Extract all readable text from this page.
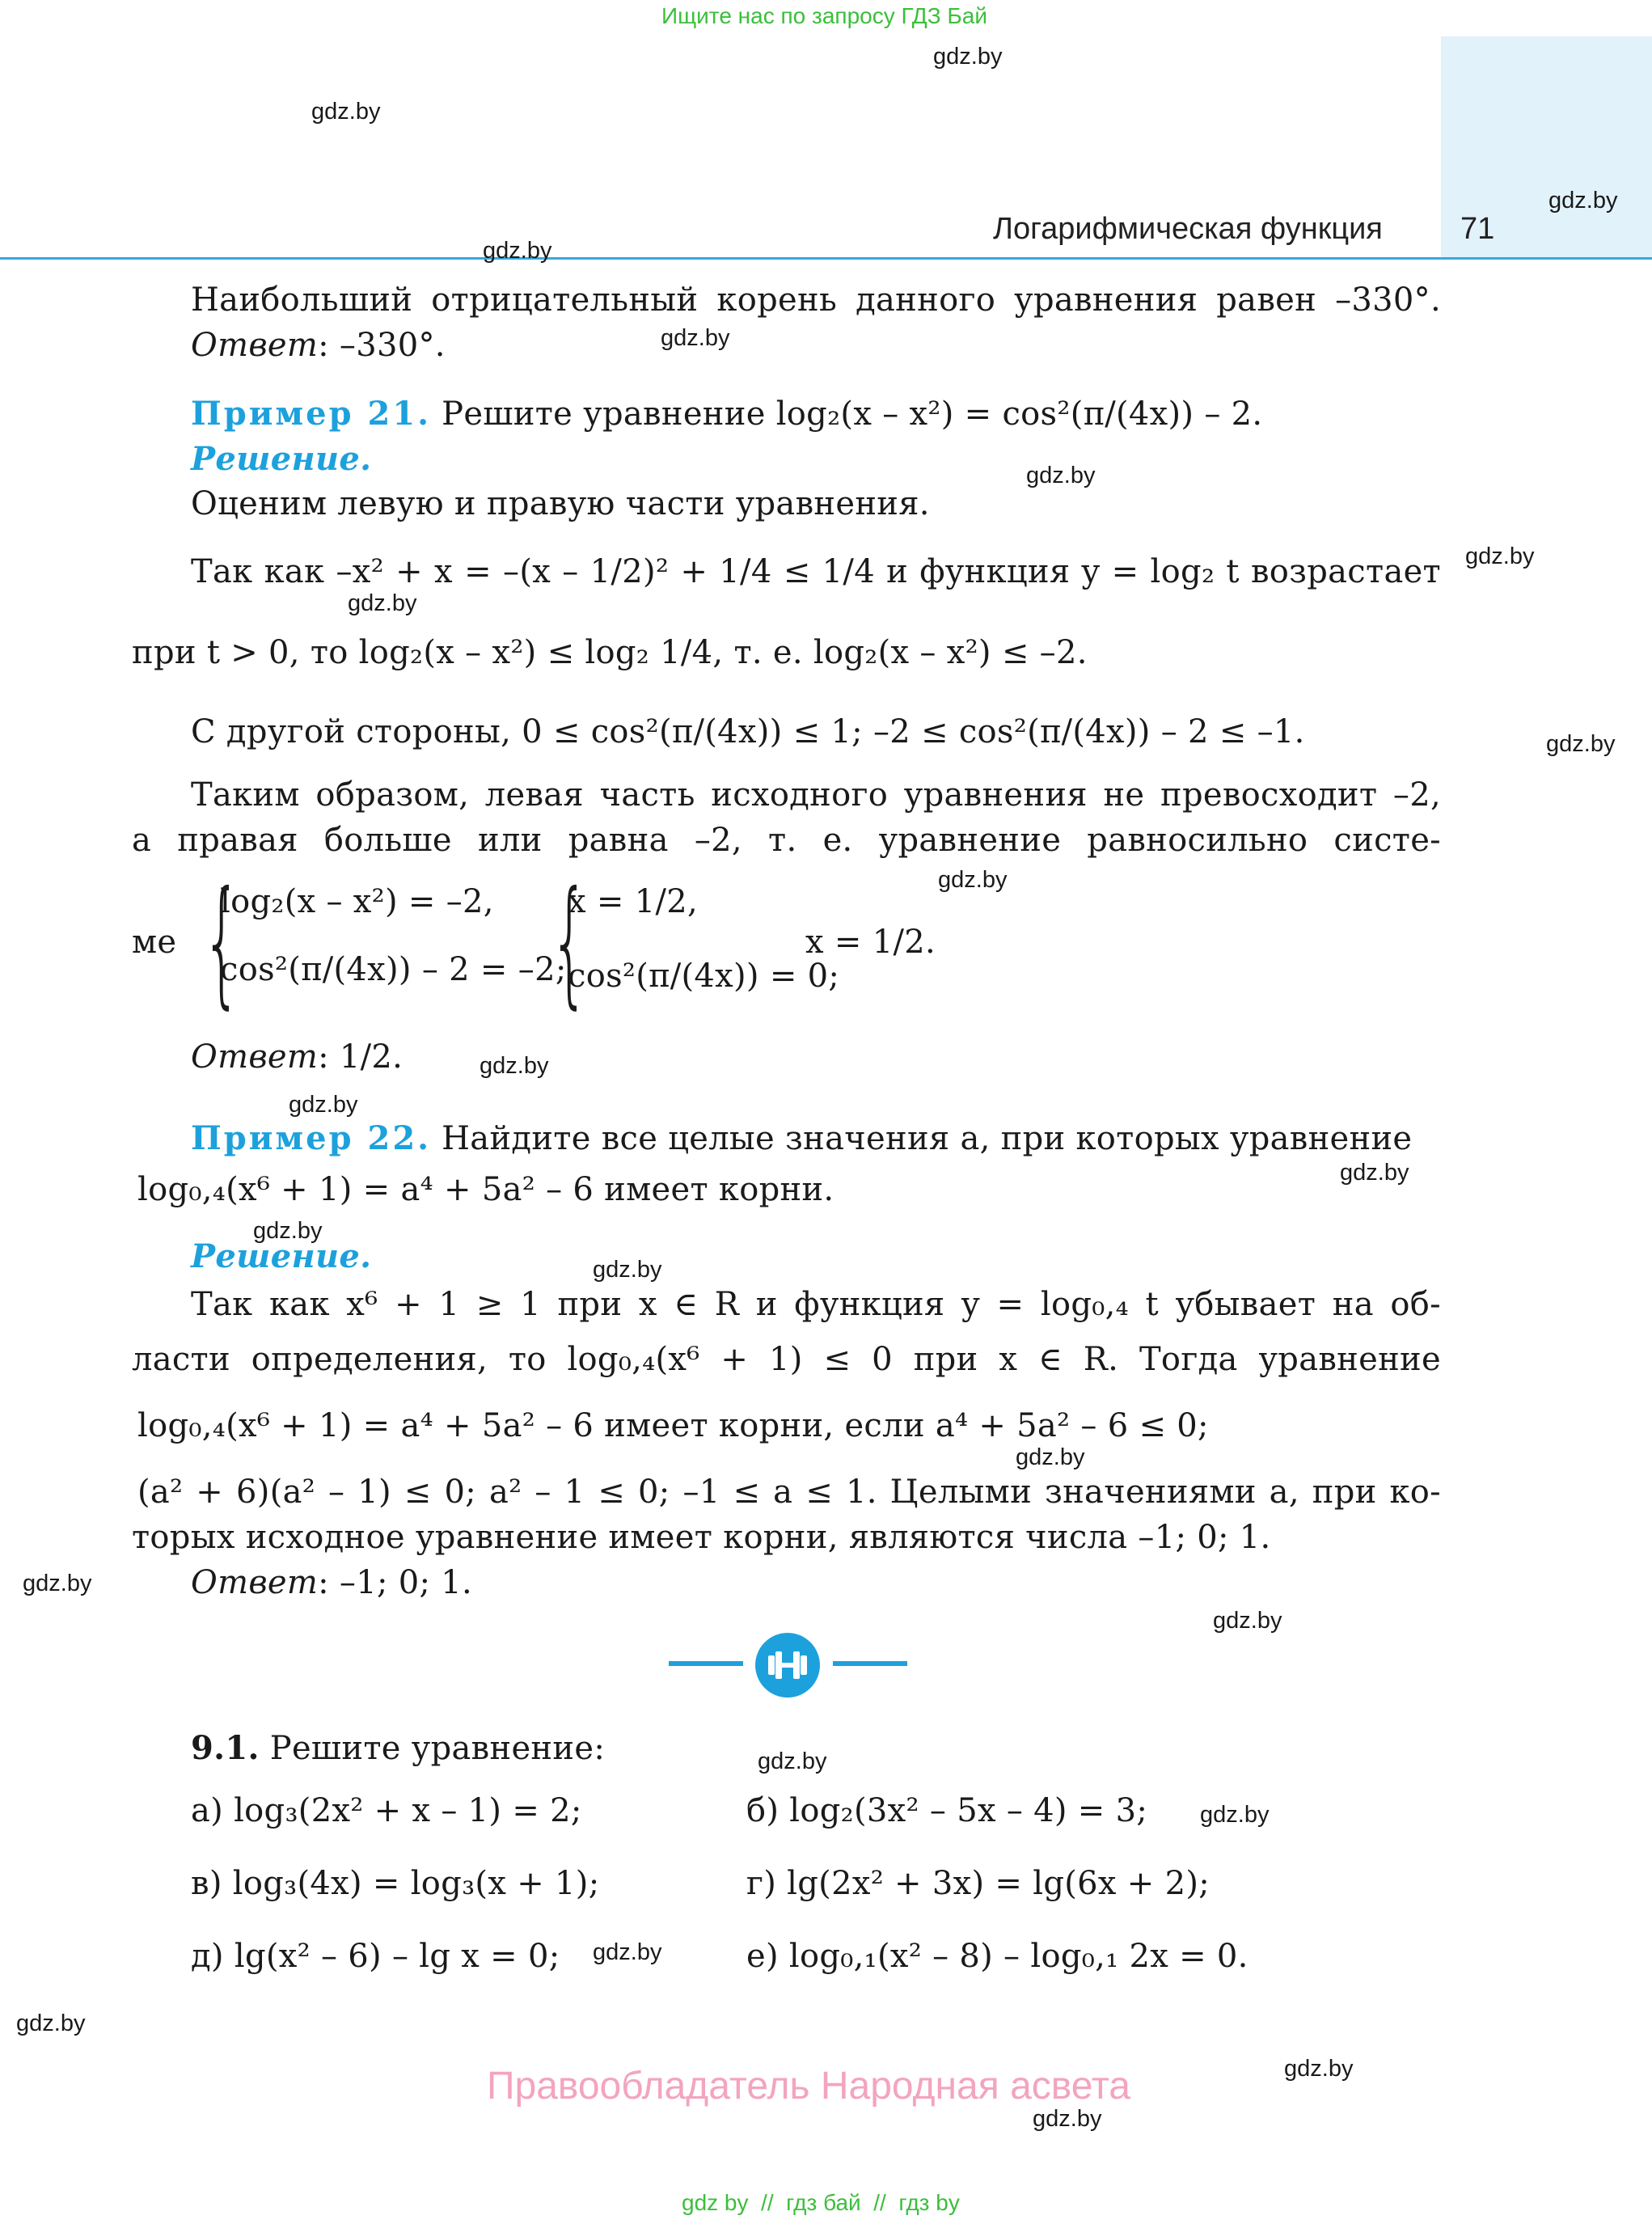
Ищите нас по запросу ГДЗ Бай
Логарифмическая функция	71
gdz.by
gdz.by
gdz.by
gdz.by
gdz.by
gdz.by
gdz.by
gdz.by
gdz.by
gdz.by
gdz.by
gdz.by
gdz.by
gdz.by
gdz.by
gdz.by
gdz.by
gdz.by
gdz.by
gdz.by
gdz.by
gdz.by
gdz.by
gdz.by
Наибольший отрицательный корень данного уравнения равен –330°.
Ответ: –330°.
Пример 21. Решите уравнение log₂(x – x²) = cos²(π/(4x)) – 2.
Решение.
Оценим левую и правую части уравнения.
Так как –x² + x = –(x – 1/2)² + 1/4 ≤ 1/4 и функция y = log₂ t возрастает
при t > 0, то log₂(x – x²) ≤ log₂ 1/4, т. е. log₂(x – x²) ≤ –2.
С другой стороны, 0 ≤ cos²(π/(4x)) ≤ 1; –2 ≤ cos²(π/(4x)) – 2 ≤ –1.
Таким образом, левая часть исходного уравнения не превосходит –2,
а правая больше или равна –2, т. е. уравнение равносильно систе-
ме {
log₂(x – x²) = –2,
cos²(π/(4x)) – 2 = –2;
{
x = 1/2,
cos²(π/(4x)) = 0;
x = 1/2.
Ответ: 1/2.
Пример 22. Найдите все целые значения a, при которых уравнение
log₀,₄(x⁶ + 1) = a⁴ + 5a² – 6 имеет корни.
Решение.
Так как x⁶ + 1 ≥ 1 при x ∈ R и функция y = log₀,₄ t убывает на об-
ласти определения, то log₀,₄(x⁶ + 1) ≤ 0 при x ∈ R. Тогда уравнение
log₀,₄(x⁶ + 1) = a⁴ + 5a² – 6 имеет корни, если a⁴ + 5a² – 6 ≤ 0;
(a² + 6)(a² – 1) ≤ 0; a² – 1 ≤ 0; –1 ≤ a ≤ 1. Целыми значениями a, при ко-
торых исходное уравнение имеет корни, являются числа –1; 0; 1.
Ответ: –1; 0; 1.
9.1. Решите уравнение:
а) log₃(2x² + x – 1) = 2;	б) log₂(3x² – 5x – 4) = 3;
в) log₃(4x) = log₃(x + 1);	г) lg(2x² + 3x) = lg(6x + 2);
д) lg(x² – 6) – lg x = 0;	е) log₀,₁(x² – 8) – log₀,₁ 2x = 0.
Правообладатель Народная асвета
gdz by  //  гдз бай  //  гдз by
